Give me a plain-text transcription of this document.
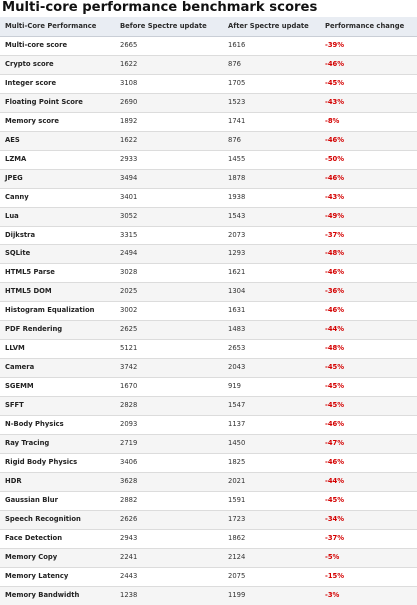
Multi-core performance benchmark scores
Multi-Core Performance	Before Spectre update	After Spectre update	Performance change
Multi-core score	2665	1616	-39%
Crypto score	1622	876	-46%
Integer score	3108	1705	-45%
Floating Point Score	2690	1523	-43%
Memory score	1892	1741	-8%
AES	1622	876	-46%
LZMA	2933	1455	-50%
JPEG	3494	1878	-46%
Canny	3401	1938	-43%
Lua	3052	1543	-49%
Dijkstra	3315	2073	-37%
SQLite	2494	1293	-48%
HTML5 Parse	3028	1621	-46%
HTML5 DOM	2025	1304	-36%
Histogram Equalization	3002	1631	-46%
PDF Rendering	2625	1483	-44%
LLVM	5121	2653	-48%
Camera	3742	2043	-45%
SGEMM	1670	919	-45%
SFFT	2828	1547	-45%
N-Body Physics	2093	1137	-46%
Ray Tracing	2719	1450	-47%
Rigid Body Physics	3406	1825	-46%
HDR	3628	2021	-44%
Gaussian Blur	2882	1591	-45%
Speech Recognition	2626	1723	-34%
Face Detection	2943	1862	-37%
Memory Copy	2241	2124	-5%
Memory Latency	2443	2075	-15%
Memory Bandwidth	1238	1199	-3%
